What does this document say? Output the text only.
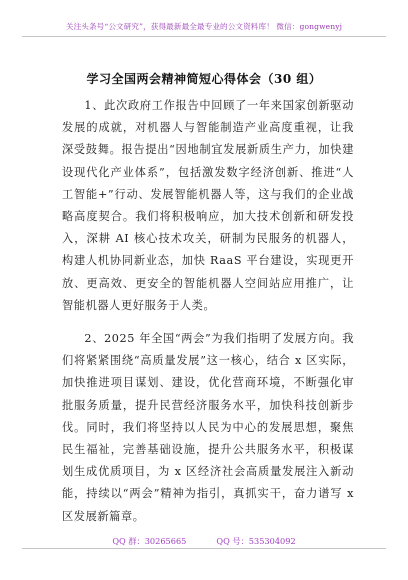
关注头条号“公文研究”，获得最新最全最专业的公文资料库！ 微信：gongwenyj
学习全国两会精神简短心得体会（30 组）

1、此次政府工作报告中回顾了一年来国家创新驱动发展的成就，对机器人与智能制造产业高度重视，让我深受鼓舞。报告提出“因地制宜发展新质生产力，加快建设现代化产业体系”，包括激发数字经济创新、推进“人工智能+”行动、发展智能机器人等，这与我们的企业战略高度契合。我们将积极响应，加大技术创新和研发投入，深耕 AI 核心技术攻关，研制为民服务的机器人，构建人机协同新业态，加快 RaaS 平台建设，实现更开放、更高效、更安全的智能机器人空间站应用推广，让智能机器人更好服务于人类。

2、2025 年全国“两会”为我们指明了发展方向。我们将紧紧围绕“高质量发展”这一核心，结合 x 区实际，加快推进项目谋划、建设，优化营商环境，不断强化审批服务质量，提升民营经济服务水平，加快科技创新步伐。同时，我们将坚持以人民为中心的发展思想，聚焦民生福祉，完善基础设施，提升公共服务水平，积极谋划生成优质项目，为 x 区经济社会高质量发展注入新动能，持续以“两会”精神为指引，真抓实干，奋力谱写 x 区发展新篇章。

QQ 群：30265665	QQ 号：535304092
